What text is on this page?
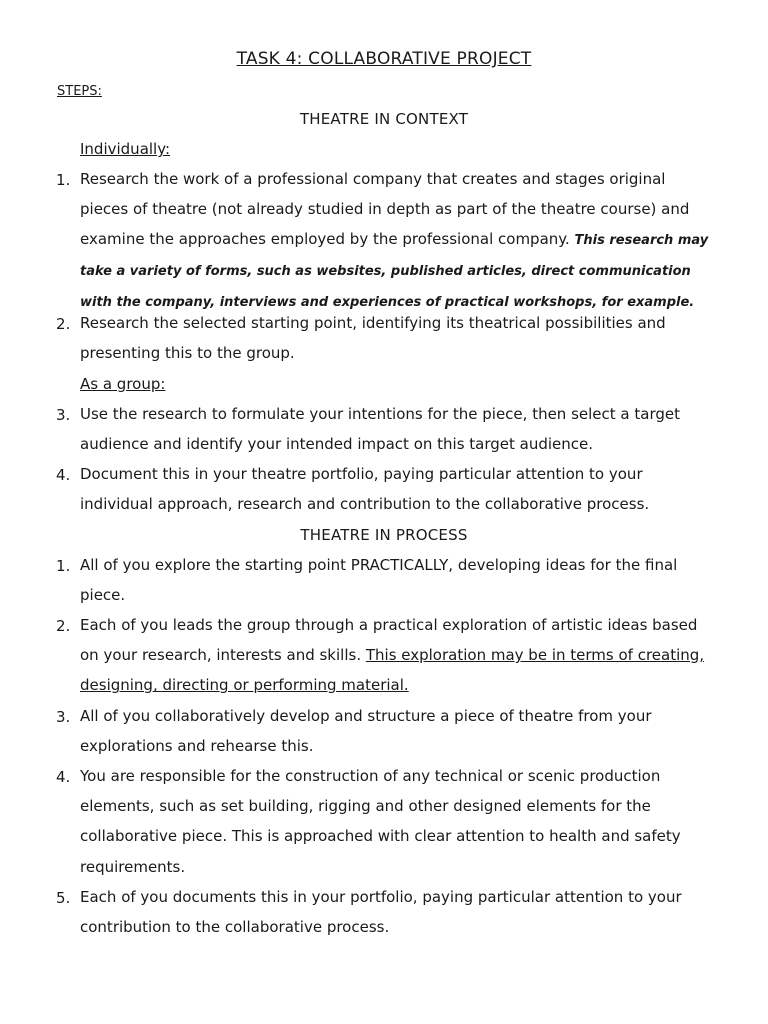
TASK 4: COLLABORATIVE PROJECT
STEPS:
THEATRE IN CONTEXT
Individually:
1. Research the work of a professional company that creates and stages original pieces of theatre (not already studied in depth as part of the theatre course) and examine the approaches employed by the professional company. This research may take a variety of forms, such as websites, published articles, direct communication with the company, interviews and experiences of practical workshops, for example.
2. Research the selected starting point, identifying its theatrical possibilities and presenting this to the group.
As a group:
3. Use the research to formulate your intentions for the piece, then select a target audience and identify your intended impact on this target audience.
4. Document this in your theatre portfolio, paying particular attention to your individual approach, research and contribution to the collaborative process.
THEATRE IN PROCESS
1. All of you explore the starting point PRACTICALLY, developing ideas for the final piece.
2. Each of you leads the group through a practical exploration of artistic ideas based on your research, interests and skills. This exploration may be in terms of creating, designing, directing or performing material.
3. All of you collaboratively develop and structure a piece of theatre from your explorations and rehearse this.
4. You are responsible for the construction of any technical or scenic production elements, such as set building, rigging and other designed elements for the collaborative piece. This is approached with clear attention to health and safety requirements.
5. Each of you documents this in your portfolio, paying particular attention to your contribution to the collaborative process.
